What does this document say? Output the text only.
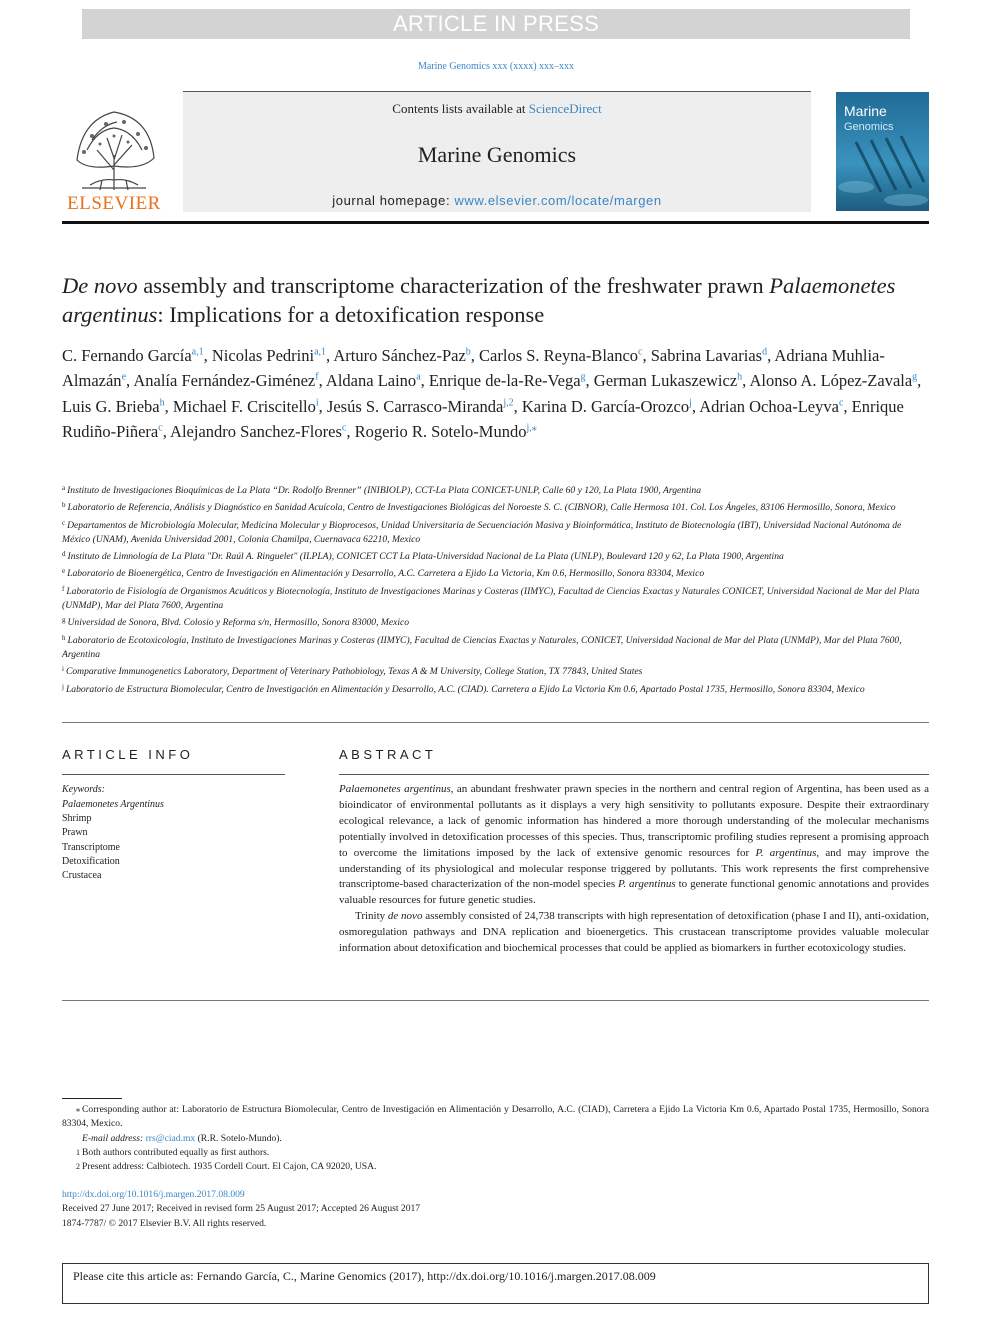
ARTICLE IN PRESS
Marine Genomics xxx (xxxx) xxx–xxx
ELSEVIER
Contents lists available at ScienceDirect
Marine Genomics
journal homepage: www.elsevier.com/locate/margen
Marine
Genomics
De novo assembly and transcriptome characterization of the freshwater prawn Palaemonetes argentinus: Implications for a detoxification response
C. Fernando García$^{a,1}$, Nicolas Pedrini$^{a,1}$, Arturo Sánchez-Paz$^b$, Carlos S. Reyna-Blanco$^c$, Sabrina Lavarias$^d$, Adriana Muhlia-Almazán$^e$, Analía Fernández-Giménez$^f$, Aldana Laino$^a$, Enrique de-la-Re-Vega$^g$, German Lukaszewicz$^h$, Alonso A. López-Zavala$^g$, Luis G. Brieba$^h$, Michael F. Criscitello$^i$, Jesús S. Carrasco-Miranda$^{j,2}$, Karina D. García-Orozco$^j$, Adrian Ochoa-Leyva$^c$, Enrique Rudiño-Piñera$^c$, Alejandro Sanchez-Flores$^c$, Rogerio R. Sotelo-Mundo$^{j,⁎}$
$^a$ Instituto de Investigaciones Bioquímicas de La Plata “Dr. Rodolfo Brenner” (INIBIOLP), CCT-La Plata CONICET-UNLP, Calle 60 y 120, La Plata 1900, Argentina
$^b$ Laboratorio de Referencia, Análisis y Diagnóstico en Sanidad Acuícola, Centro de Investigaciones Biológicas del Noroeste S. C. (CIBNOR), Calle Hermosa 101. Col. Los Ángeles, 83106 Hermosillo, Sonora, Mexico
$^c$ Departamentos de Microbiología Molecular, Medicina Molecular y Bioprocesos, Unidad Universitaria de Secuenciación Masiva y Bioinformática, Instituto de Biotecnología (IBT), Universidad Nacional Autónoma de México (UNAM), Avenida Universidad 2001, Colonia Chamilpa, Cuernavaca 62210, Mexico
$^d$ Instituto de Limnología de La Plata "Dr. Raúl A. Ringuelet" (ILPLA), CONICET CCT La Plata-Universidad Nacional de La Plata (UNLP), Boulevard 120 y 62, La Plata 1900, Argentina
$^e$ Laboratorio de Bioenergética, Centro de Investigación en Alimentación y Desarrollo, A.C. Carretera a Ejido La Victoria, Km 0.6, Hermosillo, Sonora 83304, Mexico
$^f$ Laboratorio de Fisiología de Organismos Acuáticos y Biotecnología, Instituto de Investigaciones Marinas y Costeras (IIMYC), Facultad de Ciencias Exactas y Naturales CONICET, Universidad Nacional de Mar del Plata (UNMdP), Mar del Plata 7600, Argentina
$^g$ Universidad de Sonora, Blvd. Colosio y Reforma s/n, Hermosillo, Sonora 83000, Mexico
$^h$ Laboratorio de Ecotoxicología, Instituto de Investigaciones Marinas y Costeras (IIMYC), Facultad de Ciencias Exactas y Naturales, CONICET, Universidad Nacional de Mar del Plata (UNMdP), Mar del Plata 7600, Argentina
$^i$ Comparative Immunogenetics Laboratory, Department of Veterinary Pathobiology, Texas A & M University, College Station, TX 77843, United States
$^j$ Laboratorio de Estructura Biomolecular, Centro de Investigación en Alimentación y Desarrollo, A.C. (CIAD). Carretera a Ejido La Victoria Km 0.6, Apartado Postal 1735, Hermosillo, Sonora 83304, Mexico
ARTICLE INFO
Keywords:
Palaemonetes Argentinus
Shrimp
Prawn
Transcriptome
Detoxification
Crustacea
ABSTRACT

Palaemonetes argentinus, an abundant freshwater prawn species in the northern and central region of Argentina, has been used as a bioindicator of environmental pollutants as it displays a very high sensitivity to pollutants exposure. Despite their extraordinary ecological relevance, a lack of genomic information has hindered a more thorough understanding of the molecular mechanisms potentially involved in detoxification processes of this species. Thus, transcriptomic profiling studies represent a promising approach to overcome the limitations imposed by the lack of extensive genomic resources for P. argentinus, and may improve the understanding of its physiological and molecular response triggered by pollutants. This work represents the first comprehensive transcriptome-based characterization of the non-model species P. argentinus to generate functional genomic annotations and provides valuable resources for future genetic studies.

Trinity de novo assembly consisted of 24,738 transcripts with high representation of detoxification (phase I and II), anti-oxidation, osmoregulation pathways and DNA replication and bioenergetics. This crustacean transcriptome provides valuable molecular information about detoxification and biochemical processes that could be applied as biomarkers in further ecotoxicology studies.

⁎ Corresponding author at: Laboratorio de Estructura Biomolecular, Centro de Investigación en Alimentación y Desarrollo, A.C. (CIAD), Carretera a Ejido La Victoria Km 0.6, Apartado Postal 1735, Hermosillo, Sonora 83304, Mexico.
E-mail address: rrs@ciad.mx (R.R. Sotelo-Mundo).
1 Both authors contributed equally as first authors.
2 Present address: Calbiotech. 1935 Cordell Court. El Cajon, CA 92020, USA.
http://dx.doi.org/10.1016/j.margen.2017.08.009
Received 27 June 2017; Received in revised form 25 August 2017; Accepted 26 August 2017
1874-7787/ © 2017 Elsevier B.V. All rights reserved.
Please cite this article as: Fernando García, C., Marine Genomics (2017), http://dx.doi.org/10.1016/j.margen.2017.08.009
